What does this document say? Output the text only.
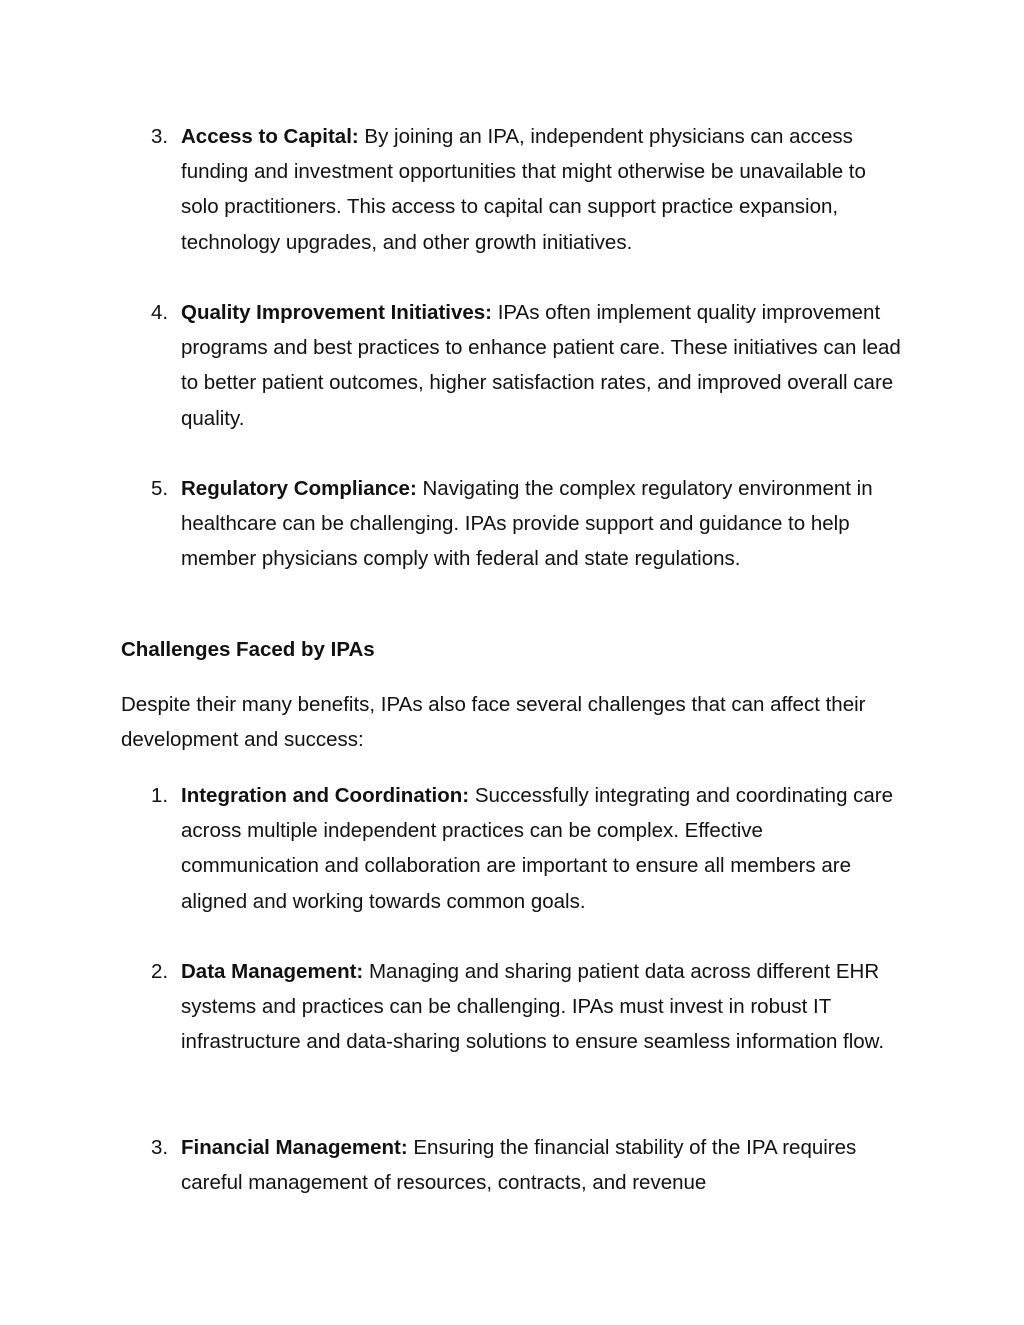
3. Access to Capital: By joining an IPA, independent physicians can access funding and investment opportunities that might otherwise be unavailable to solo practitioners. This access to capital can support practice expansion, technology upgrades, and other growth initiatives.
4. Quality Improvement Initiatives: IPAs often implement quality improvement programs and best practices to enhance patient care. These initiatives can lead to better patient outcomes, higher satisfaction rates, and improved overall care quality.
5. Regulatory Compliance: Navigating the complex regulatory environment in healthcare can be challenging. IPAs provide support and guidance to help member physicians comply with federal and state regulations.
Challenges Faced by IPAs

Despite their many benefits, IPAs also face several challenges that can affect their development and success:

1. Integration and Coordination: Successfully integrating and coordinating care across multiple independent practices can be complex. Effective communication and collaboration are important to ensure all members are aligned and working towards common goals.
2. Data Management: Managing and sharing patient data across different EHR systems and practices can be challenging. IPAs must invest in robust IT infrastructure and data-sharing solutions to ensure seamless information flow.
3. Financial Management: Ensuring the financial stability of the IPA requires careful management of resources, contracts, and revenue
